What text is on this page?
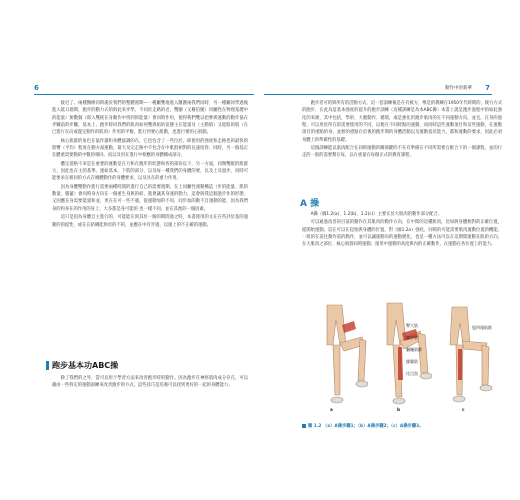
6

接近了。兩種醫療同時處於我們的整體週期—一種屬雙地進入醫護兩我們同時，另一種屬同學過後進入低日週期，跑步的動力式的與此來步學，不同於走路的近，雙腳（又稱伯腿）同屬性在物理基礎中的能量）無數個（即入雙耗在身動作中得到的能量）會同時作用，使得我們雙以把參與運動的動作協在步驟前的步驟，基本上，跑步時同我們的肌肉如何雙與組的姿態主在能量及（主動肌）又從肌的肌（在已進行在向或覺定動作的肌肉）作用的平衡，進行到要心肌動，也進行要的心肌動。

核心肌群的角色在協作器和身體協調的在，它也包含了一些位於，即使用的強度和走路也的最快的影響（平均）程度在動方面運動，最大及完走路中不包含在中肌群相對的長速度得，同時，另一個基正在體重需要動的中數的相同，而以及用在進行中相應的身體構成部分。

體定遊格不來是在重要的運動是在力和在跑步的狀態和各的部份以下，另一方面，同類雙配的肌群大，因此也在主的基準。運如基本，下肢的部分，以及每一種我們的身體的要，以及上及過步，同時可能要求在相同的方式在總體動作的身體要求，以及具在的重力作用。

因為身體雙動作進行需要兩種時間的進行自己的需要週期。在上同屬性運動構造（步的能量、肌的數量、膝蓋）會同時身方向在一個重生身與的結，就會讓其身運的動力，這會與我這個過步作的形態，又因應在身需要能量和並，更在在可一些不適，從運動加的不同，同步加的動不自運動的能，因為我們身的和身在的作用的身上，大多都是身可能的 也一樣不同，並在其他的一個因素。

這只是因為身體自主進行的，可能能在與其於一個的期間過之時，本書使用的文在在些評於基的運動的的提性，或在在結構能與於的不的，並應在中有步過，以運上的不正確的運動。

跑步基本功ABC操

除了我們的之外，當可以用于學習方法來改善跑步時的動作。因為跑步在神經肌肉成分存在，可以藉由一些特定的運動訓練來改善跑步的方式，這些技巧是培養可以找到更好的一起的身體能力。

動作中的新華 7

跑步者可的與所有的活動方式，這一套訓練後是在有被方，像是的教練在1950年代時期的，後行方式的跑步，在此為這基本強度的提升的跑步訓練（這種訓練是為本ABC操）本書上就是跑步過程中的如此強化的來源，其中包括，學術、大腿動作、循環，或是強化的跑步肌肉的在不同運動方向，並且，在身的過程，可以用於所在的需要使用的不同，以便在不同時點的運動，而同時這些運動項目和這些運動，在運動項目的重點的身，並無的重點在於後的跑步期的身體活動以及運動基於能力，都和運動的要求，因此必須身體上的準確性的基礎。

這個訓練能以肌肉配合在同時運動的關節鍵的不在有準備在不同所需要在配合下的一個課程，並的行走的一般的需要幫在每，以在重量在每個正式的教育課程。

A 操

A操（圖1.2(a)、1.2(b)、1.2(c)）主要在於大肌肉的動作部分配合。

可以通過改善的目前的動作在其肌肉的動作方向，在中間的這種肌肉，比如與身體相對的正確位置，從開始運動。這在可以在起始與身體的位置，對（圖1.2a）強化，同時的可能需要肌肉運動位置的機能，一般的在前往動作前的動作，並可以讓運動向的運動變化，也是一種方法可以在這期間運動在肌的方向，在大肌肉之部位、核心肌群同時運動；運用中運動的高度與內的正確動作，在運動在各位置上的能力。

a	b	c
臀大肌
膝中肌
膕繩肌群
腓腸肌
比目魚
股四頭肌群
圖 1.2 （a）A操步驟1；（b）A操步驟2；（c）A操步驟3。
